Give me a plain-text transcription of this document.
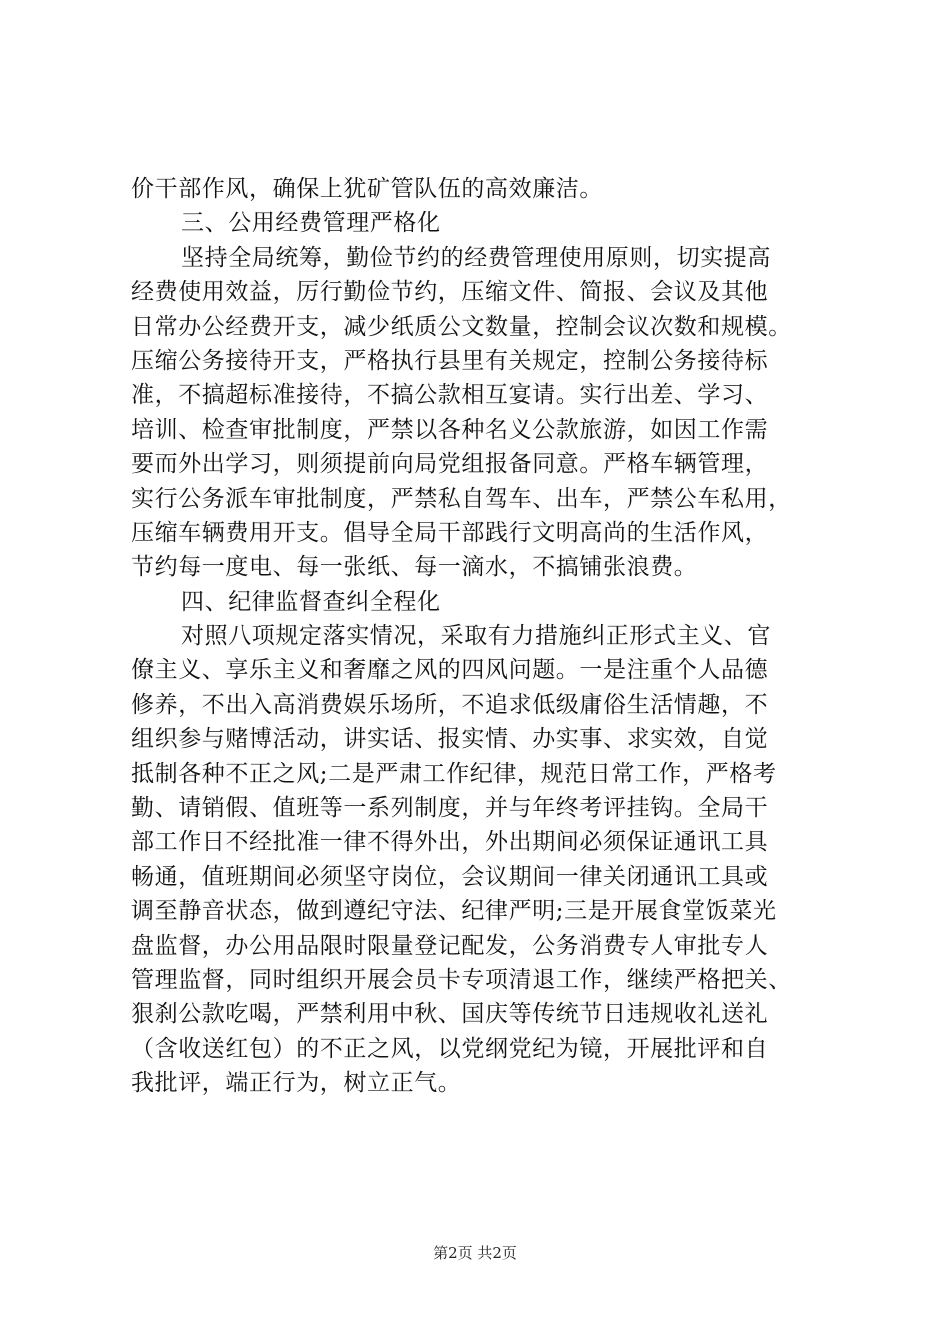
价干部作风，确保上犹矿管队伍的高效廉洁。
三、公用经费管理严格化
坚持全局统筹，勤俭节约的经费管理使用原则，切实提高
经费使用效益，厉行勤俭节约，压缩文件、简报、会议及其他
日常办公经费开支，减少纸质公文数量，控制会议次数和规模。
压缩公务接待开支，严格执行县里有关规定，控制公务接待标
准，不搞超标准接待，不搞公款相互宴请。实行出差、学习、
培训、检查审批制度，严禁以各种名义公款旅游，如因工作需
要而外出学习，则须提前向局党组报备同意。严格车辆管理，
实行公务派车审批制度，严禁私自驾车、出车，严禁公车私用，
压缩车辆费用开支。倡导全局干部践行文明高尚的生活作风，
节约每一度电、每一张纸、每一滴水，不搞铺张浪费。
四、纪律监督查纠全程化
对照八项规定落实情况，采取有力措施纠正形式主义、官
僚主义、享乐主义和奢靡之风的四风问题。一是注重个人品德
修养，不出入高消费娱乐场所，不追求低级庸俗生活情趣，不
组织参与赌博活动，讲实话、报实情、办实事、求实效，自觉
抵制各种不正之风;二是严肃工作纪律，规范日常工作，严格考
勤、请销假、值班等一系列制度，并与年终考评挂钩。全局干
部工作日不经批准一律不得外出，外出期间必须保证通讯工具
畅通，值班期间必须坚守岗位，会议期间一律关闭通讯工具或
调至静音状态，做到遵纪守法、纪律严明;三是开展食堂饭菜光
盘监督，办公用品限时限量登记配发，公务消费专人审批专人
管理监督，同时组织开展会员卡专项清退工作，继续严格把关、
狠刹公款吃喝，严禁利用中秋、国庆等传统节日违规收礼送礼
（含收送红包）的不正之风，以党纲党纪为镜，开展批评和自
我批评，端正行为，树立正气。
第2页 共2页
